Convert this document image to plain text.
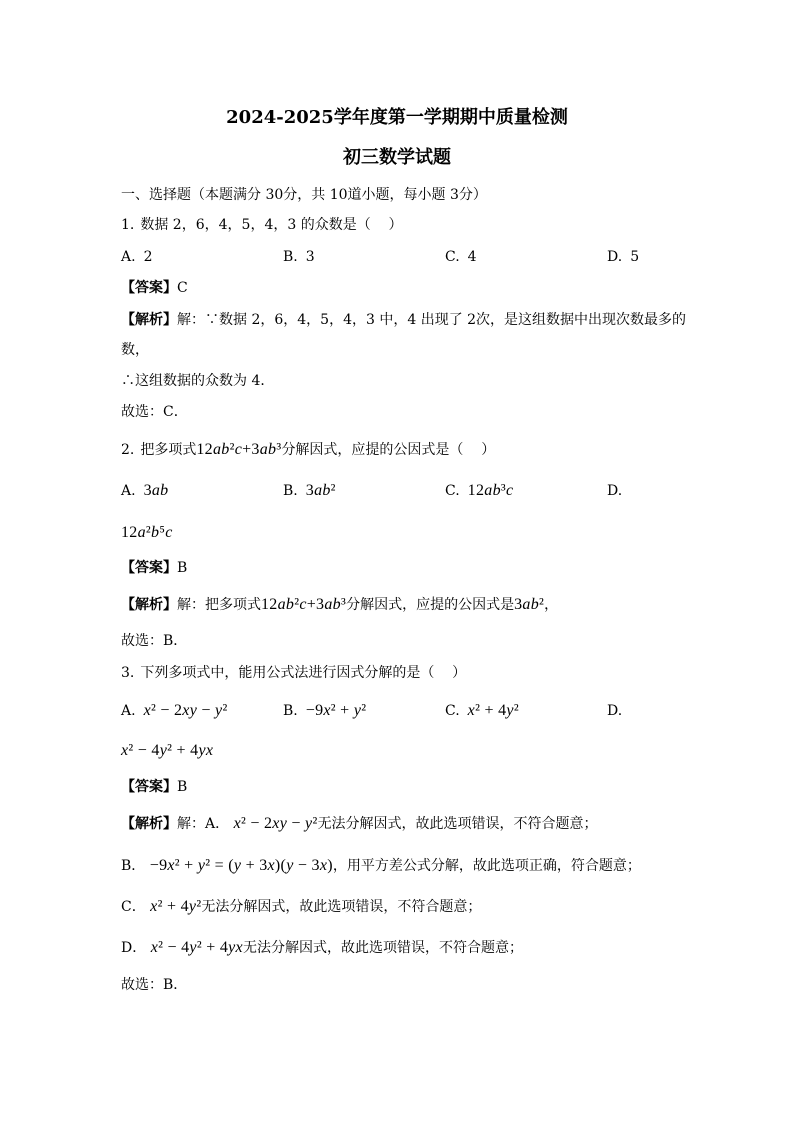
2024-2025学年度第一学期期中质量检测
初三数学试题
一、选择题（本题满分 30分，共 10道小题，每小题 3分）
1. 数据 2，6，4，5，4，3 的众数是（    ）
A. 2	B. 3	C. 4	D. 5
【答案】C
【解析】解：∵数据 2，6，4，5，4，3 中，4 出现了 2次，是这组数据中出现次数最多的
数，
∴这组数据的众数为 4．
故选：C．
2. 把多项式12ab²c+3ab³分解因式，应提的公因式是（    ）
A. 3ab	B. 3ab²	C. 12ab³c	D.
12a²b⁵c
【答案】B
【解析】解：把多项式12ab²c+3ab³分解因式，应提的公因式是3ab²，
故选：B．
3. 下列多项式中，能用公式法进行因式分解的是（    ）
A. x² − 2xy − y²	B. −9x² + y²	C. x² + 4y²	D.
x² − 4y² + 4yx
【答案】B
【解析】解：A． x² − 2xy − y²无法分解因式，故此选项错误，不符合题意；
B． −9x² + y² = (y + 3x)(y − 3x)，用平方差公式分解，故此选项正确，符合题意；
C． x² + 4y²无法分解因式，故此选项错误，不符合题意；
D． x² − 4y² + 4yx无法分解因式，故此选项错误，不符合题意；
故选：B．
